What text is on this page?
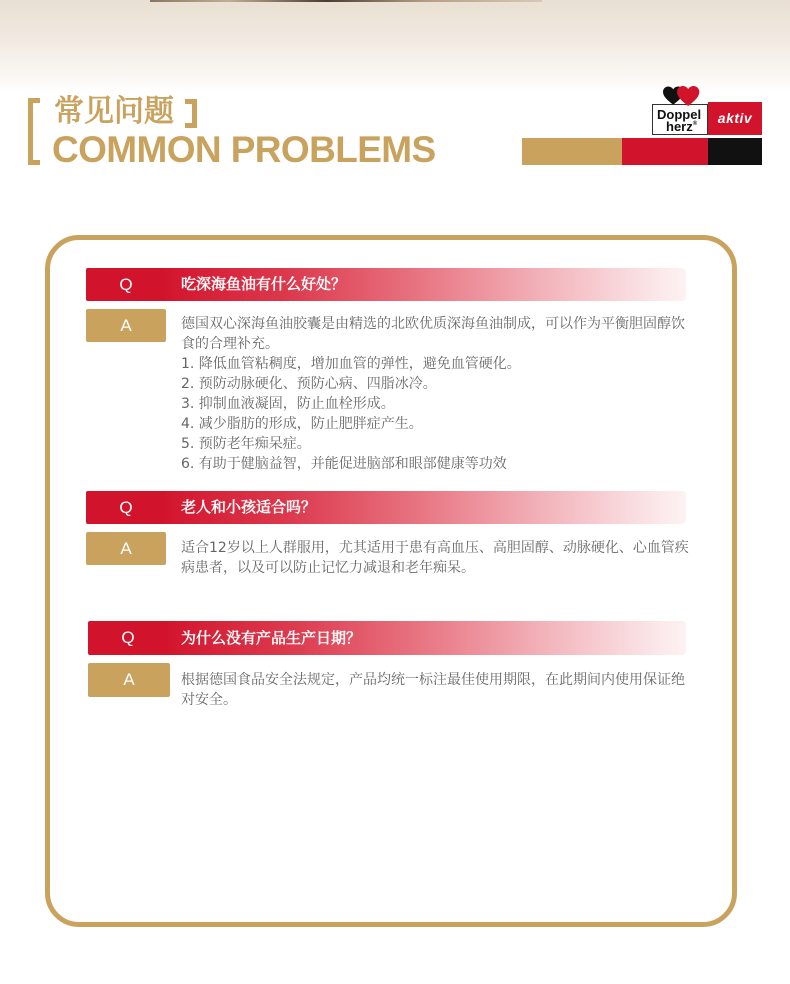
常见问题
COMMON PROBLEMS
Doppel
herz®	aktiv
吃深海鱼油有什么好处？
Q
A	德国双心深海鱼油胶囊是由精选的北欧优质深海鱼油制成，可以作为平衡胆固醇饮
食的合理补充。
1. 降低血管粘稠度，增加血管的弹性，避免血管硬化。
2. 预防动脉硬化、预防心病、四脂冰冷。
3. 抑制血液凝固，防止血栓形成。
4. 减少脂肪的形成，防止肥胖症产生。
5. 预防老年痴呆症。
6. 有助于健脑益智，并能促进脑部和眼部健康等功效
老人和小孩适合吗？
Q
A	适合12岁以上人群服用，尤其适用于患有高血压、高胆固醇、动脉硬化、心血管疾
病患者，以及可以防止记忆力减退和老年痴呆。
为什么没有产品生产日期？
Q
A	根据德国食品安全法规定，产品均统一标注最佳使用期限，在此期间内使用保证绝
对安全。
